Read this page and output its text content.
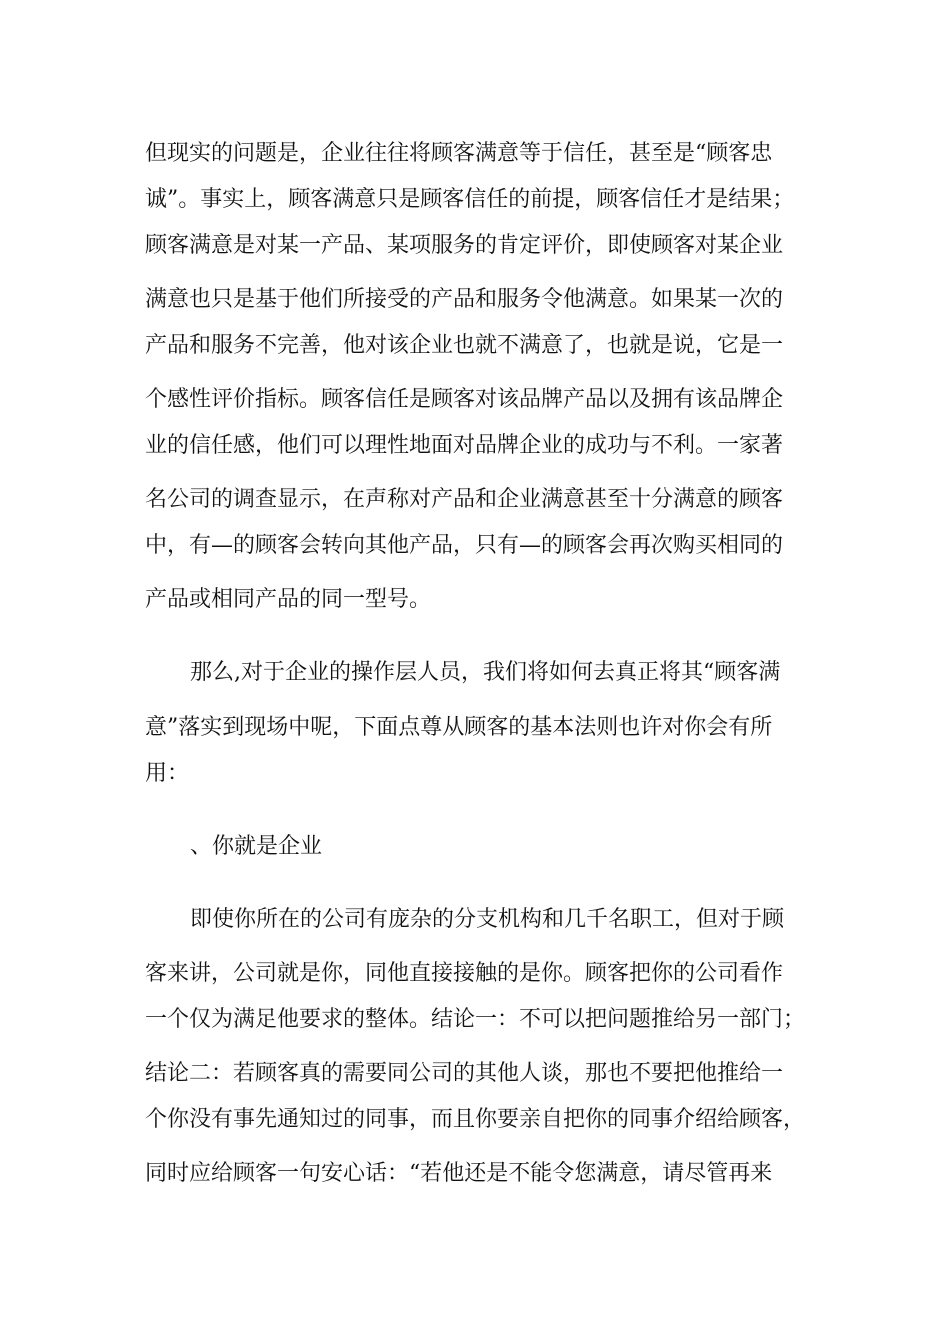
但现实的问题是，企业往往将顾客满意等于信任，甚至是“顾客忠
诚”。事实上，顾客满意只是顾客信任的前提，顾客信任才是结果；
顾客满意是对某一产品、某项服务的肯定评价，即使顾客对某企业
满意也只是基于他们所接受的产品和服务令他满意。如果某一次的
产品和服务不完善，他对该企业也就不满意了，也就是说，它是一
个感性评价指标。顾客信任是顾客对该品牌产品以及拥有该品牌企
业的信任感，他们可以理性地面对品牌企业的成功与不利。一家著
名公司的调查显示，在声称对产品和企业满意甚至十分满意的顾客
中，有—的顾客会转向其他产品，只有—的顾客会再次购买相同的
产品或相同产品的同一型号。
那么,对于企业的操作层人员，我们将如何去真正将其“顾客满
意”落实到现场中呢，下面点尊从顾客的基本法则也许对你会有所
用：
、你就是企业
即使你所在的公司有庞杂的分支机构和几千名职工，但对于顾
客来讲，公司就是你，同他直接接触的是你。顾客把你的公司看作
一个仅为满足他要求的整体。结论一：不可以把问题推给另一部门；
结论二：若顾客真的需要同公司的其他人谈，那也不要把他推给一
个你没有事先通知过的同事，而且你要亲自把你的同事介绍给顾客，
同时应给顾客一句安心话：“若他还是不能令您满意，请尽管再来
